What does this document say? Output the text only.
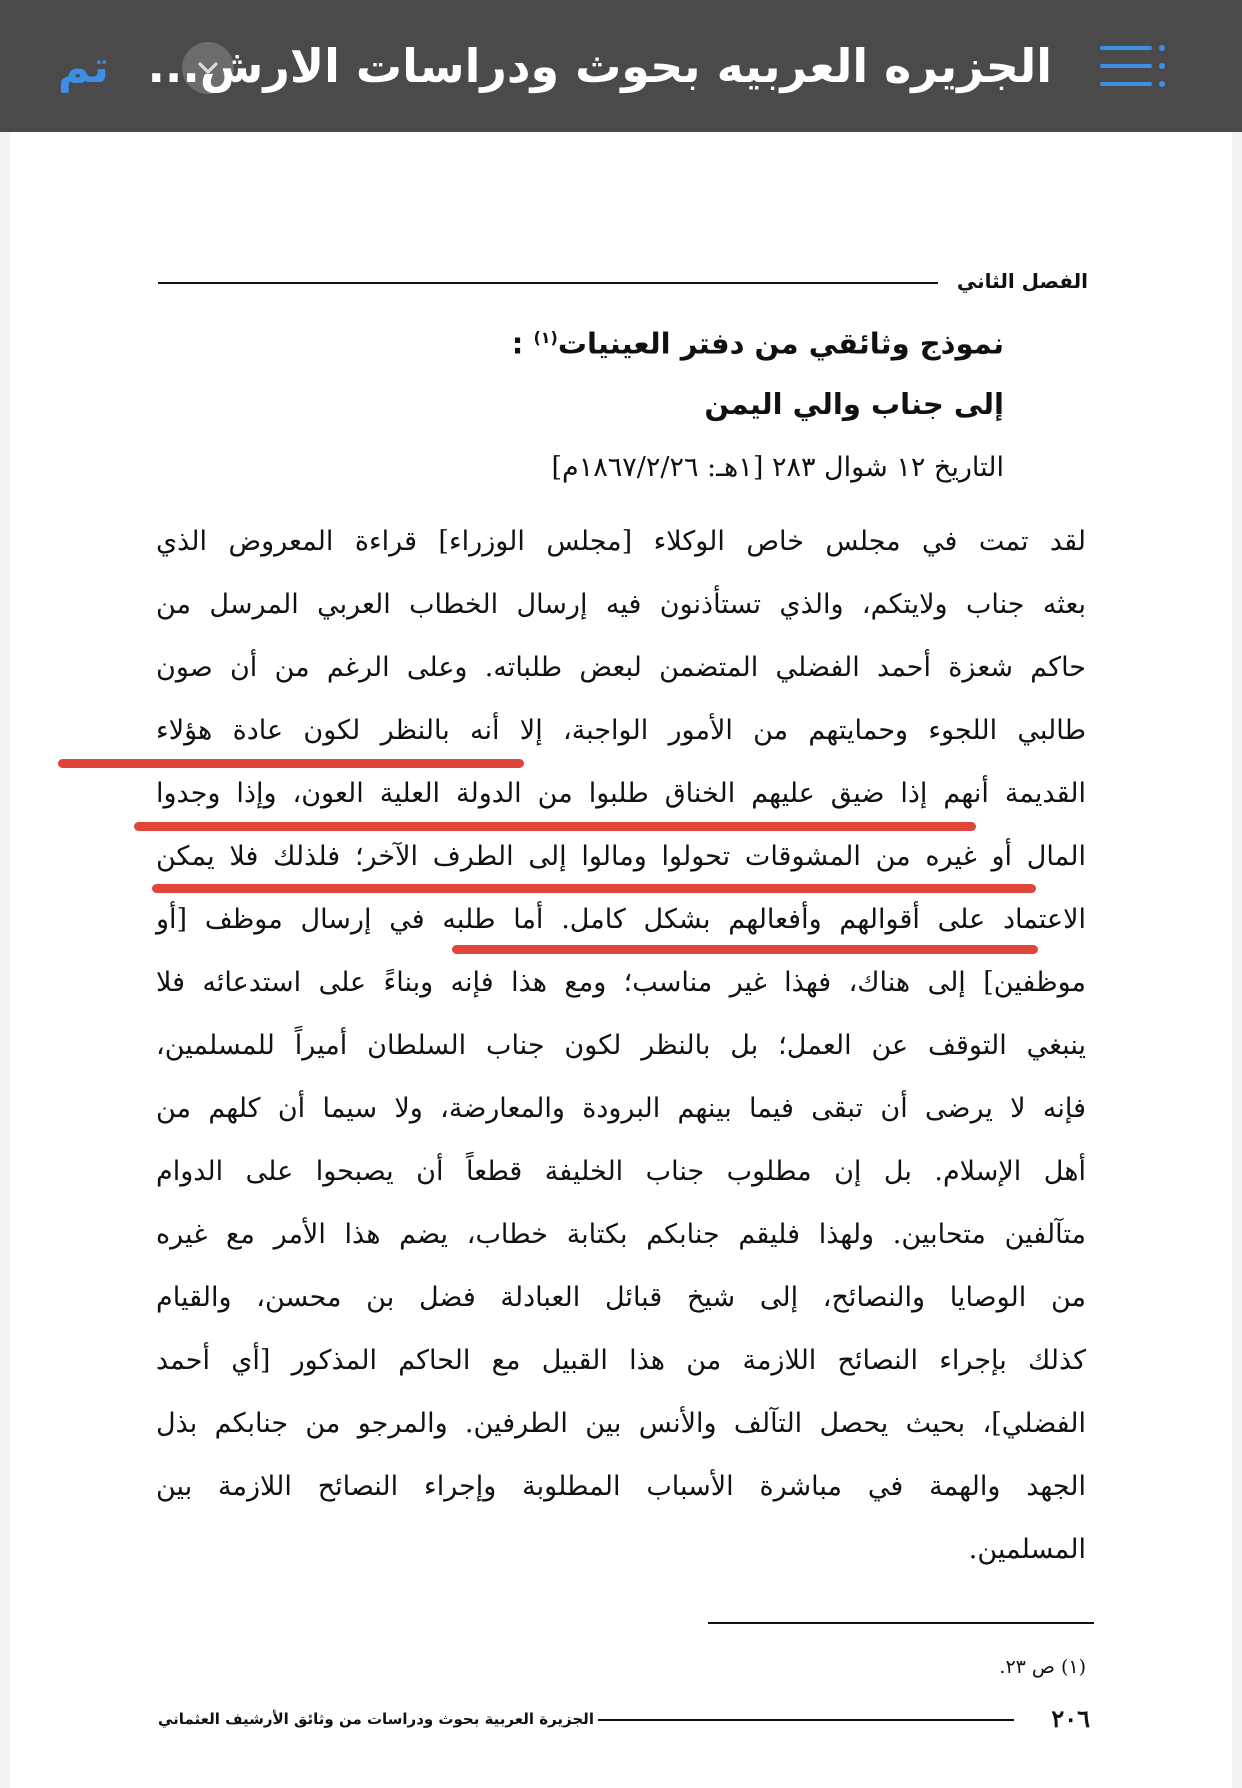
تم الجزيره العربيه بحوث ودراسات الارش...
الفصل الثاني
نموذج وثائقي من دفتر العينيات$^{(١)}$ :
إلى جناب والي اليمن
التاريخ ١٢ شوال ٢٨٣ [١هـ: ١٨٦٧/٢/٢٦م]
لقد تمت في مجلس خاص الوكلاء [مجلس الوزراء] قراءة المعروض الذي
بعثه جناب ولايتكم، والذي تستأذنون فيه إرسال الخطاب العربي المرسل من
حاكم شعزة أحمد الفضلي المتضمن لبعض طلباته. وعلى الرغم من أن صون
طالبي اللجوء وحمايتهم من الأمور الواجبة، إلا أنه بالنظر لكون عادة هؤلاء
القديمة أنهم إذا ضيق عليهم الخناق طلبوا من الدولة العلية العون، وإذا وجدوا
المال أو غيره من المشوقات تحولوا ومالوا إلى الطرف الآخر؛ فلذلك فلا يمكن
الاعتماد على أقوالهم وأفعالهم بشكل كامل. أما طلبه في إرسال موظف [أو
موظفين] إلى هناك، فهذا غير مناسب؛ ومع هذا فإنه وبناءً على استدعائه فلا
ينبغي التوقف عن العمل؛ بل بالنظر لكون جناب السلطان أميراً للمسلمين،
فإنه لا يرضى أن تبقى فيما بينهم البرودة والمعارضة، ولا سيما أن كلهم من
أهل الإسلام. بل إن مطلوب جناب الخليفة قطعاً أن يصبحوا على الدوام
متآلفين متحابين. ولهذا فليقم جنابكم بكتابة خطاب، يضم هذا الأمر مع غيره
من الوصايا والنصائح، إلى شيخ قبائل العبادلة فضل بن محسن، والقيام
كذلك بإجراء النصائح اللازمة من هذا القبيل مع الحاكم المذكور [أي أحمد
الفضلي]، بحيث يحصل التآلف والأنس بين الطرفين. والمرجو من جنابكم بذل
الجهد والهمة في مباشرة الأسباب المطلوبة وإجراء النصائح اللازمة بين
المسلمين.
(١) ص ٢٣.
٢٠٦
الجزيرة العربية بحوث ودراسات من وثائق الأرشيف العثماني
